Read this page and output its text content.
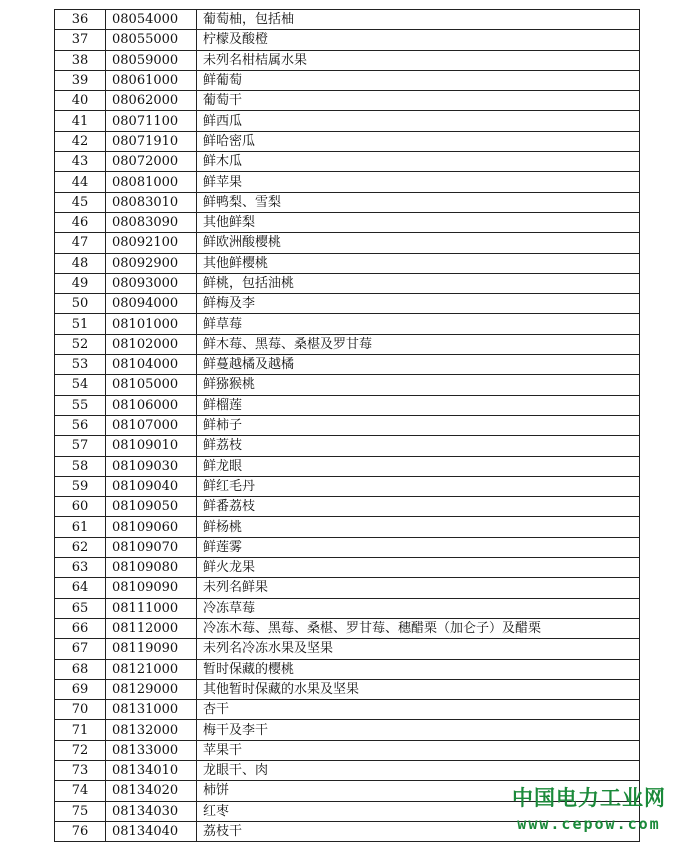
36	08054000	葡萄柚，包括柚
37	08055000	柠檬及酸橙
38	08059000	未列名柑桔属水果
39	08061000	鲜葡萄
40	08062000	葡萄干
41	08071100	鲜西瓜
42	08071910	鲜哈密瓜
43	08072000	鲜木瓜
44	08081000	鲜苹果
45	08083010	鲜鸭梨、雪梨
46	08083090	其他鲜梨
47	08092100	鲜欧洲酸樱桃
48	08092900	其他鲜樱桃
49	08093000	鲜桃，包括油桃
50	08094000	鲜梅及李
51	08101000	鲜草莓
52	08102000	鲜木莓、黑莓、桑椹及罗甘莓
53	08104000	鲜蔓越橘及越橘
54	08105000	鲜猕猴桃
55	08106000	鲜榴莲
56	08107000	鲜柿子
57	08109010	鲜荔枝
58	08109030	鲜龙眼
59	08109040	鲜红毛丹
60	08109050	鲜番荔枝
61	08109060	鲜杨桃
62	08109070	鲜莲雾
63	08109080	鲜火龙果
64	08109090	未列名鲜果
65	08111000	冷冻草莓
66	08112000	冷冻木莓、黑莓、桑椹、罗甘莓、穗醋栗（加仑子）及醋栗
67	08119090	未列名冷冻水果及坚果
68	08121000	暂时保藏的樱桃
69	08129000	其他暂时保藏的水果及坚果
70	08131000	杏干
71	08132000	梅干及李干
72	08133000	苹果干
73	08134010	龙眼干、肉
74	08134020	柿饼
75	08134030	红枣
76	08134040	荔枝干
中国电力工业网
www.cepow.com
